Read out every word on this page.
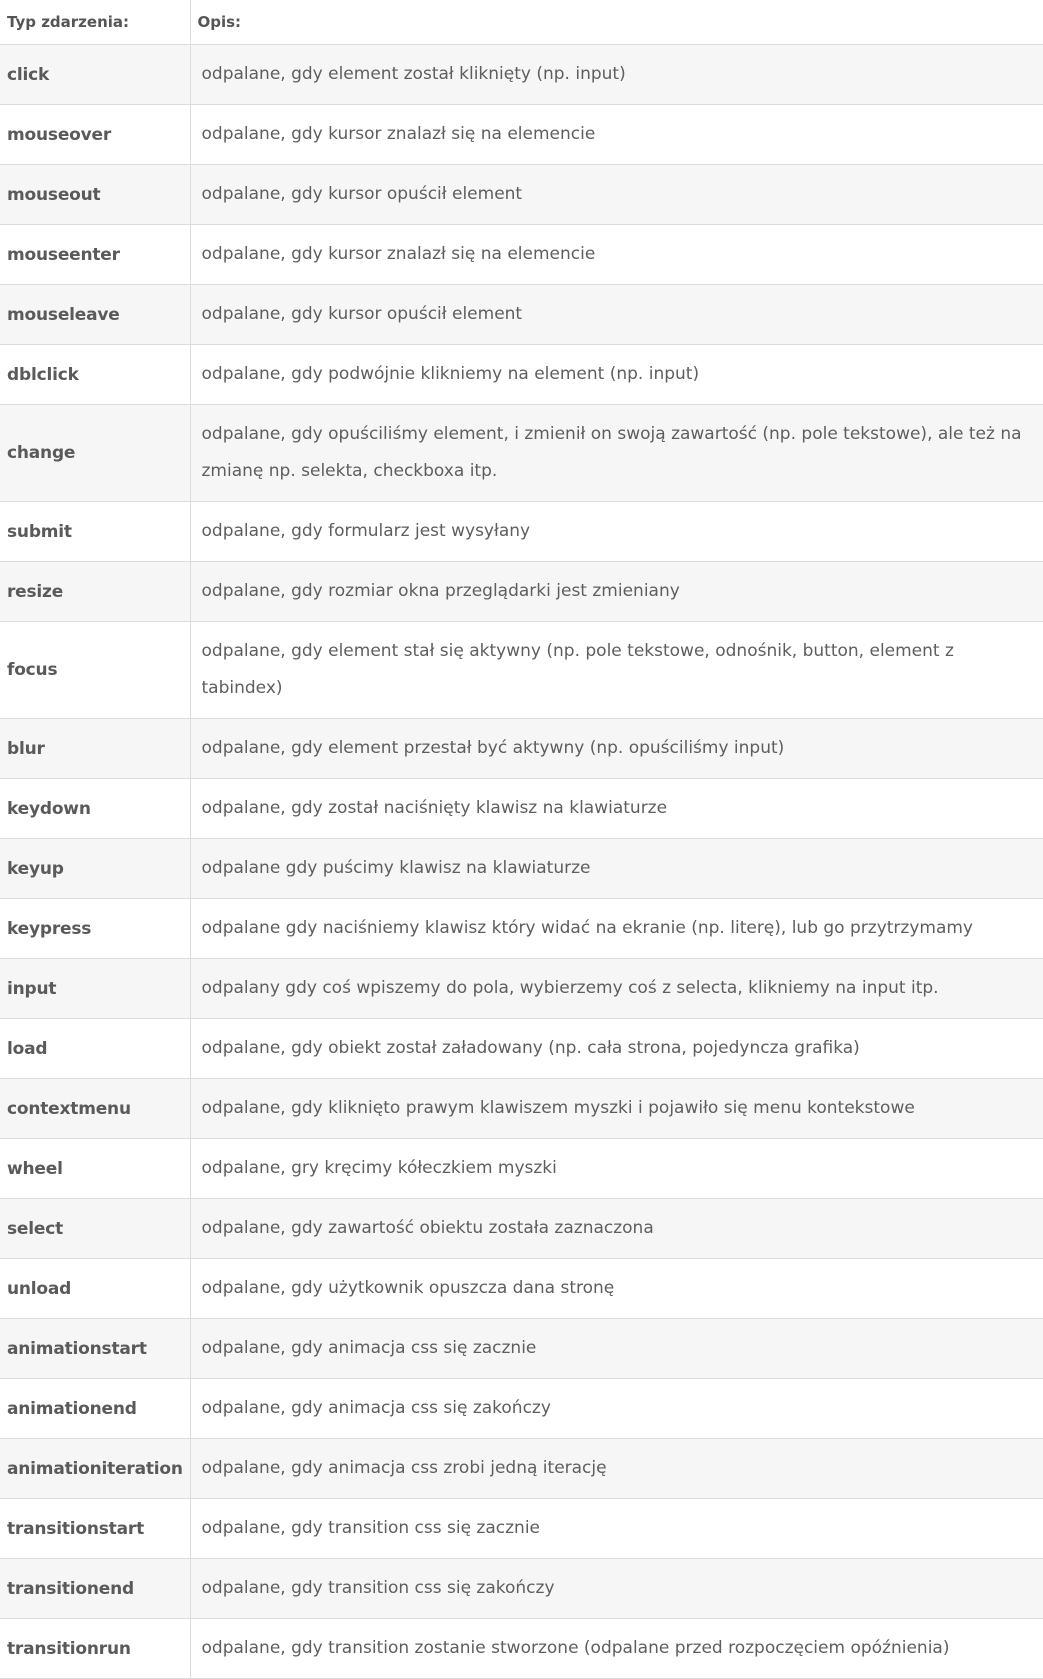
Typ zdarzenia:	Opis:
click	odpalane, gdy element został kliknięty (np. input)
mouseover	odpalane, gdy kursor znalazł się na elemencie
mouseout	odpalane, gdy kursor opuścił element
mouseenter	odpalane, gdy kursor znalazł się na elemencie
mouseleave	odpalane, gdy kursor opuścił element
dblclick	odpalane, gdy podwójnie klikniemy na element (np. input)
change	odpalane, gdy opuściliśmy element, i zmienił on swoją zawartość (np. pole tekstowe), ale też na zmianę np. selekta, checkboxa itp.
submit	odpalane, gdy formularz jest wysyłany
resize	odpalane, gdy rozmiar okna przeglądarki jest zmieniany
focus	odpalane, gdy element stał się aktywny (np. pole tekstowe, odnośnik, button, element z tabindex)
blur	odpalane, gdy element przestał być aktywny (np. opuściliśmy input)
keydown	odpalane, gdy został naciśnięty klawisz na klawiaturze
keyup	odpalane gdy puścimy klawisz na klawiaturze
keypress	odpalane gdy naciśniemy klawisz który widać na ekranie (np. literę), lub go przytrzymamy
input	odpalany gdy coś wpiszemy do pola, wybierzemy coś z selecta, klikniemy na input itp.
load	odpalane, gdy obiekt został załadowany (np. cała strona, pojedyncza grafika)
contextmenu	odpalane, gdy kliknięto prawym klawiszem myszki i pojawiło się menu kontekstowe
wheel	odpalane, gry kręcimy kółeczkiem myszki
select	odpalane, gdy zawartość obiektu została zaznaczona
unload	odpalane, gdy użytkownik opuszcza dana stronę
animationstart	odpalane, gdy animacja css się zacznie
animationend	odpalane, gdy animacja css się zakończy
animationiteration	odpalane, gdy animacja css zrobi jedną iterację
transitionstart	odpalane, gdy transition css się zacznie
transitionend	odpalane, gdy transition css się zakończy
transitionrun	odpalane, gdy transition zostanie stworzone (odpalane przed rozpoczęciem opóźnienia)
